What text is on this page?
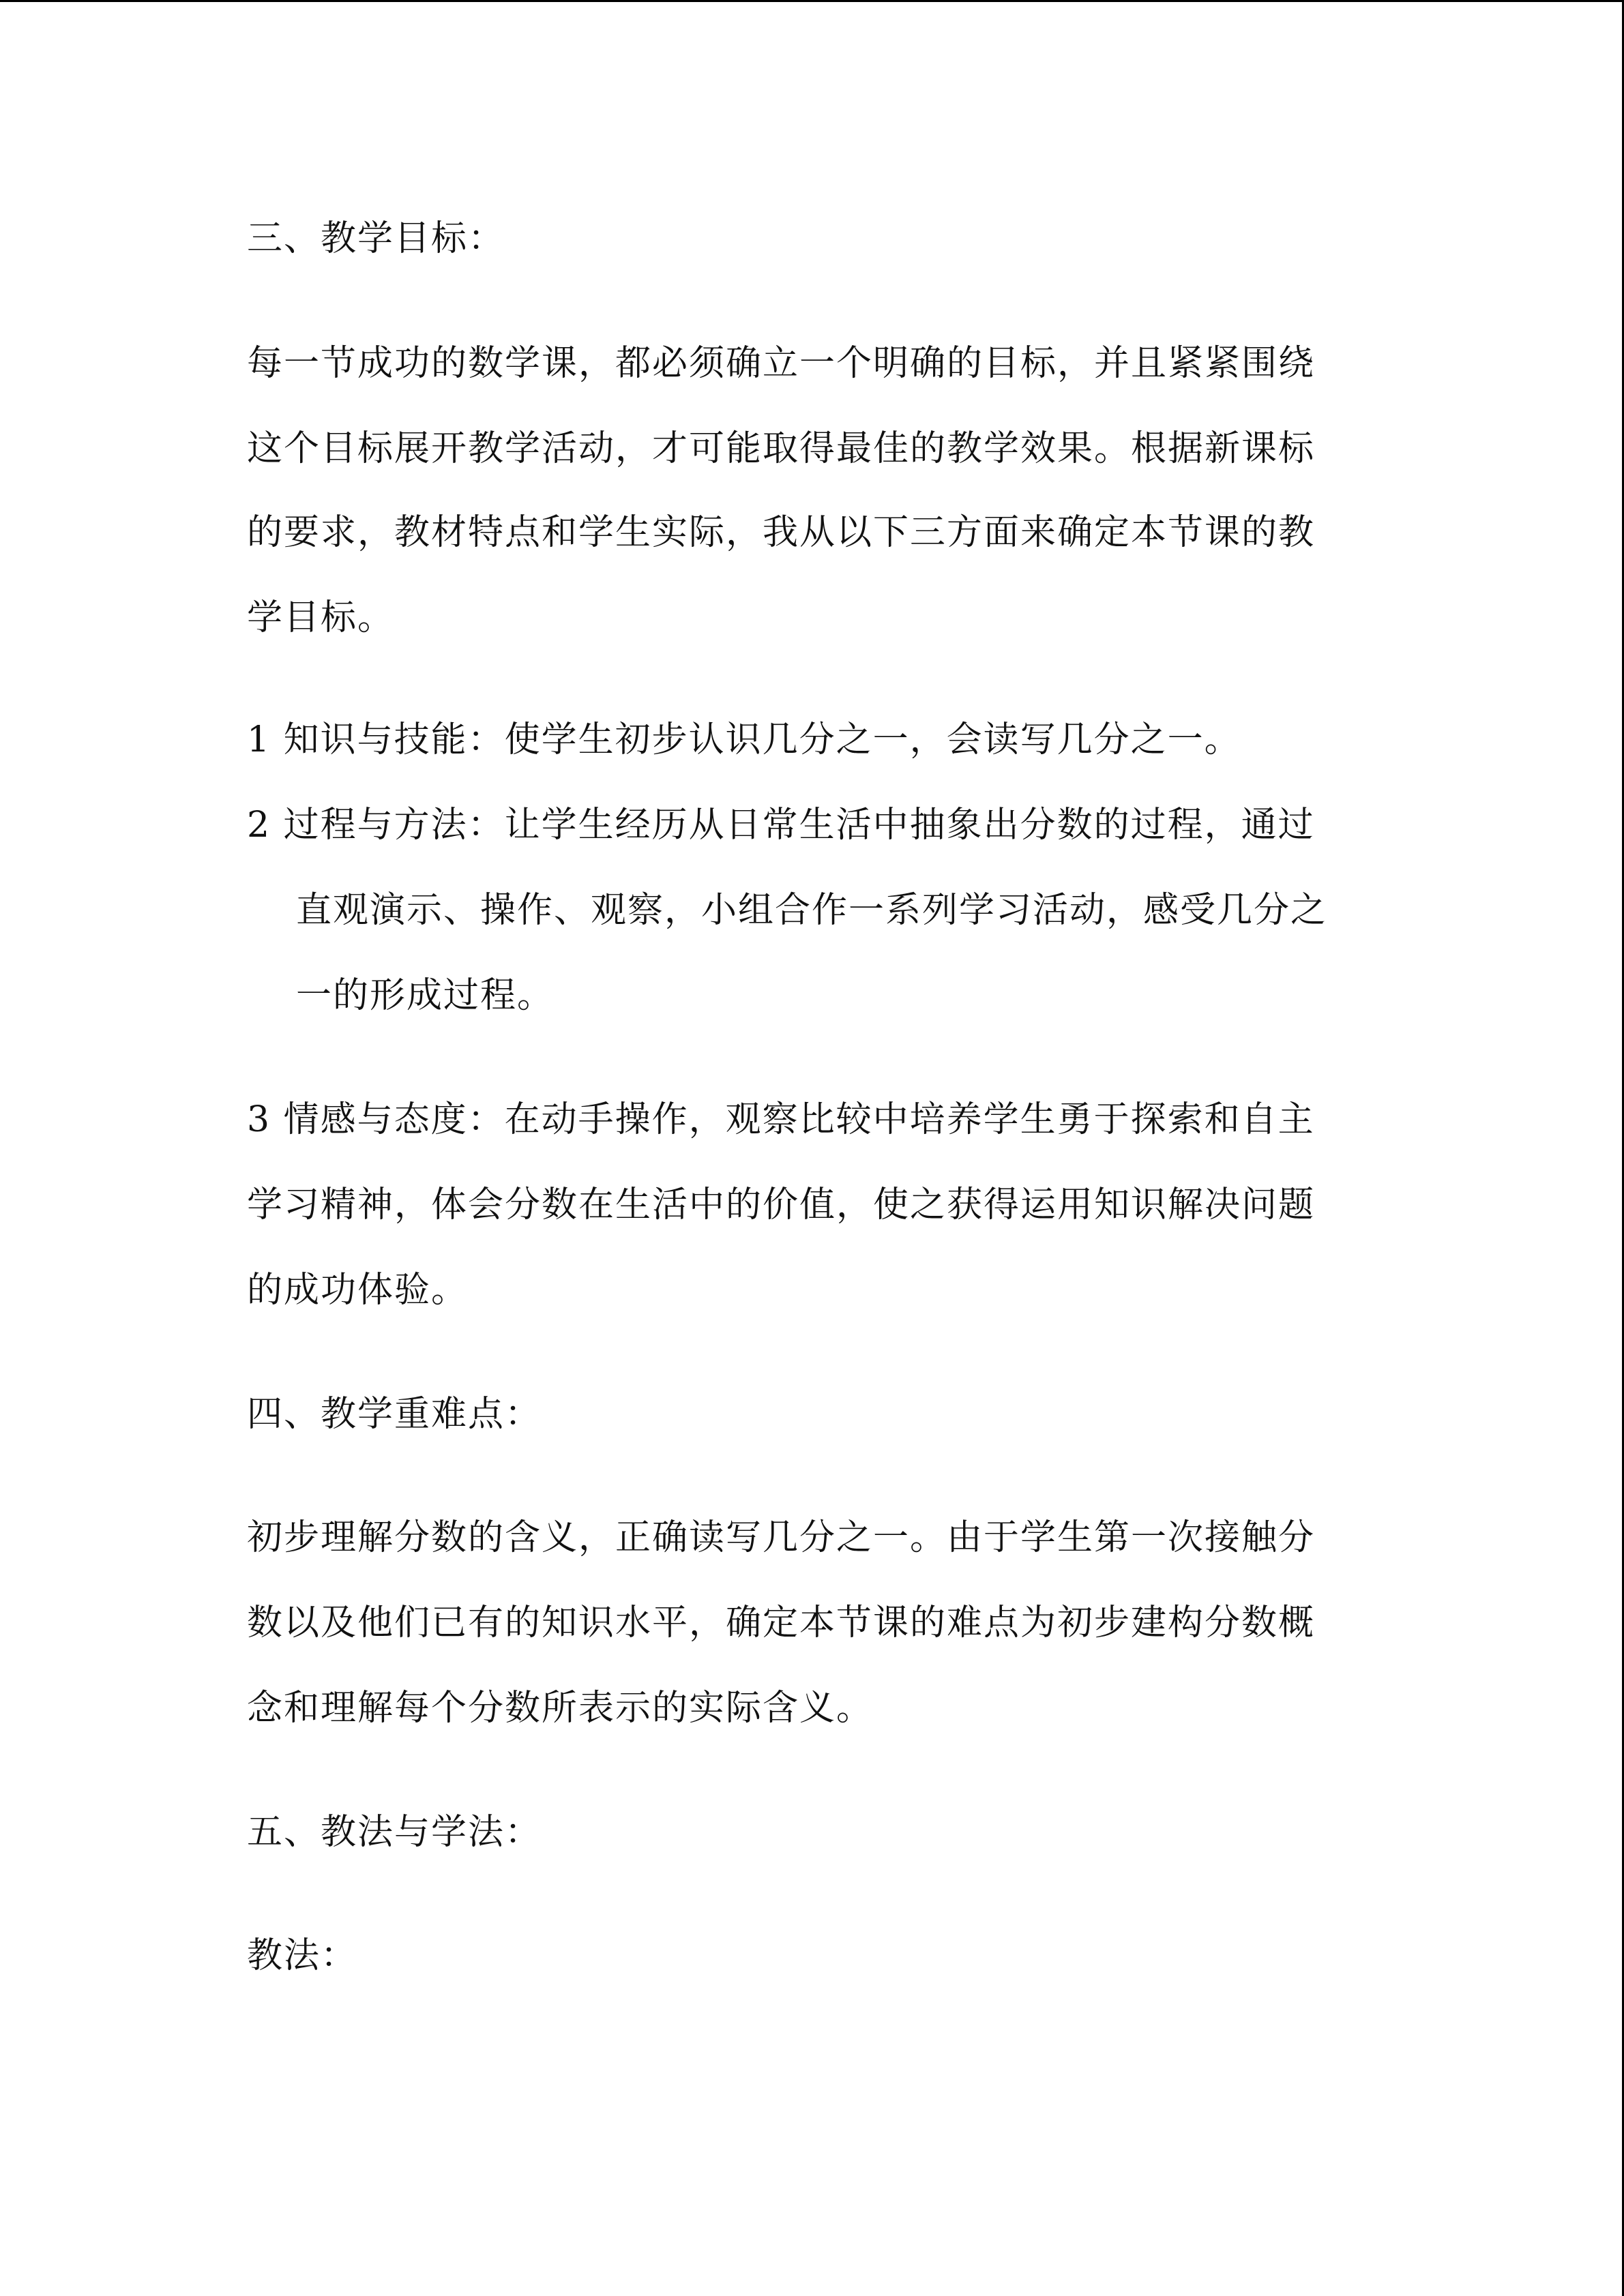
三、教学目标：
每一节成功的数学课，都必须确立一个明确的目标，并且紧紧围绕
这个目标展开教学活动，才可能取得最佳的教学效果。根据新课标
的要求，教材特点和学生实际，我从以下三方面来确定本节课的教
学目标。
1 知识与技能：使学生初步认识几分之一，会读写几分之一。
2 过程与方法：让学生经历从日常生活中抽象出分数的过程，通过
直观演示、操作、观察，小组合作一系列学习活动，感受几分之
一的形成过程。
3 情感与态度：在动手操作，观察比较中培养学生勇于探索和自主
学习精神，体会分数在生活中的价值，使之获得运用知识解决问题
的成功体验。
四、教学重难点：
初步理解分数的含义，正确读写几分之一。由于学生第一次接触分
数以及他们已有的知识水平，确定本节课的难点为初步建构分数概
念和理解每个分数所表示的实际含义。
五、教法与学法：
教法：
